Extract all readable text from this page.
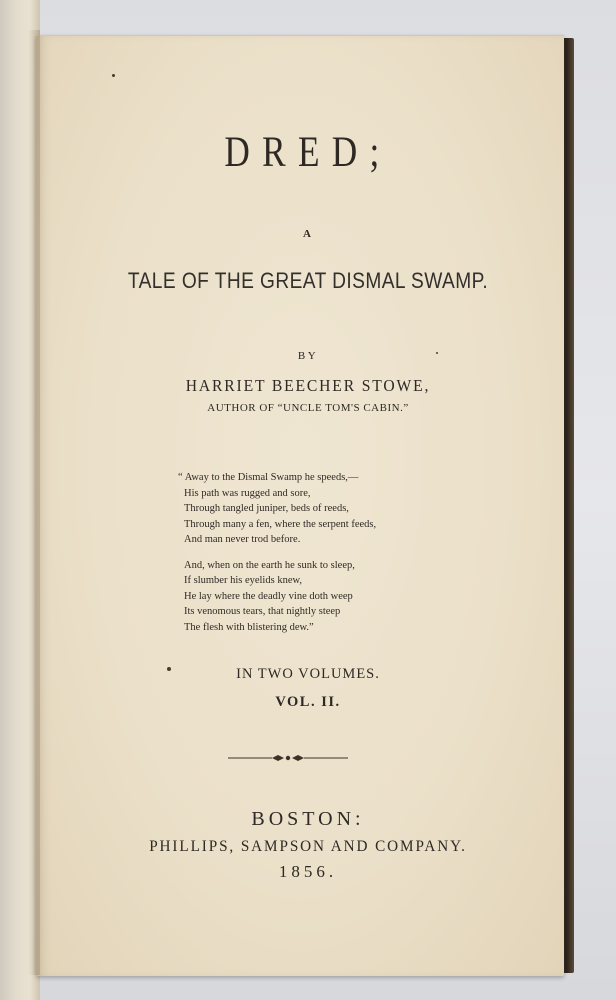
DRED;
A
TALE OF THE GREAT DISMAL SWAMP.
BY
HARRIET BEECHER STOWE,
AUTHOR OF “UNCLE TOM'S CABIN.”
“ Away to the Dismal Swamp he speeds,—
His path was rugged and sore,
Through tangled juniper, beds of reeds,
Through many a fen, where the serpent feeds,
And man never trod before.
And, when on the earth he sunk to sleep,
If slumber his eyelids knew,
He lay where the deadly vine doth weep
Its venomous tears, that nightly steep
The flesh with blistering dew.”
IN TWO VOLUMES.
VOL. II.
BOSTON:
PHILLIPS, SAMPSON AND COMPANY.
1856.
